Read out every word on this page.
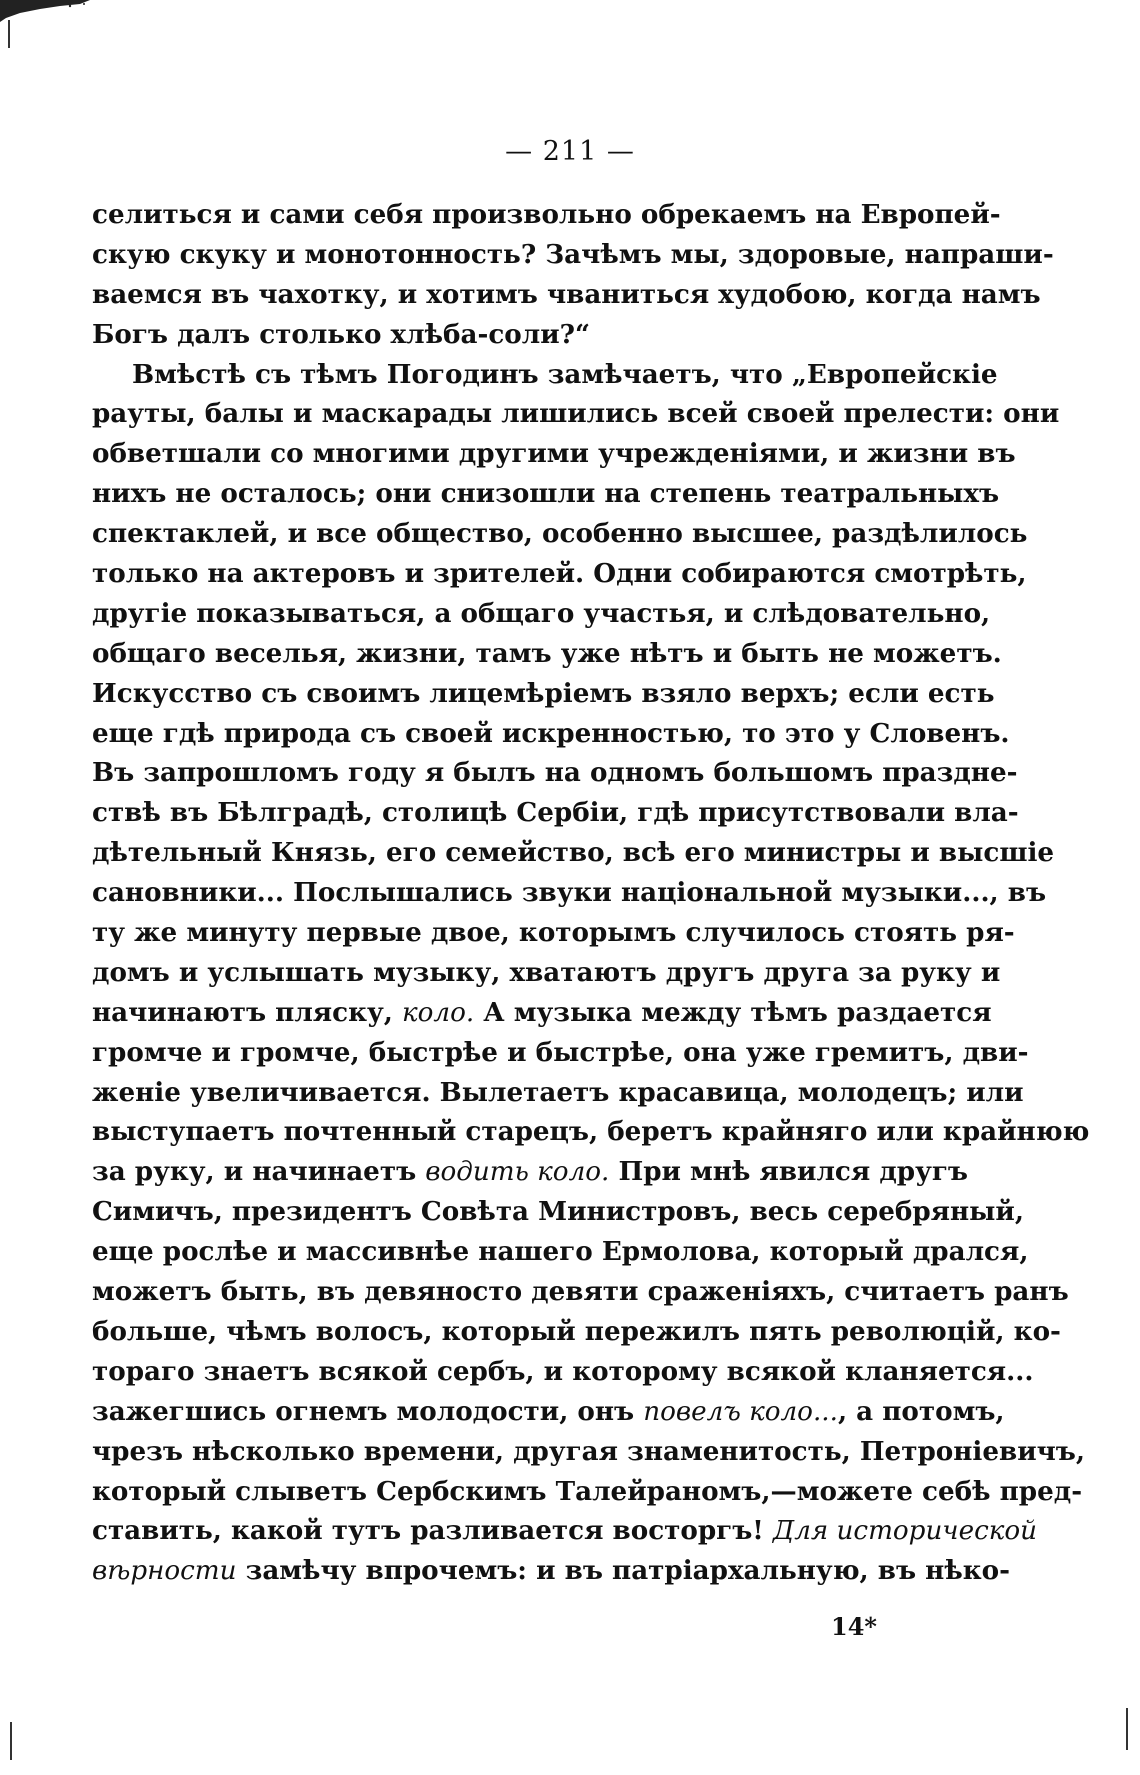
— 211 —
селиться и сами себя произвольно обрекаемъ на Европей-
скую скуку и монотонность? Зачѣмъ мы, здоровые, напраши-
ваемся въ чахотку, и хотимъ чваниться худобою, когда намъ
Богъ далъ столько хлѣба-соли?“
Вмѣстѣ съ тѣмъ Погодинъ замѣчаетъ, что „Европейскіе
рауты, балы и маскарады лишились всей своей прелести: они
обветшали со многими другими учрежденіями, и жизни въ
нихъ не осталось; они снизошли на степень театральныхъ
спектаклей, и все общество, особенно высшее, раздѣлилось
только на актеровъ и зрителей. Одни собираются смотрѣть,
другіе показываться, а общаго участья, и слѣдовательно,
общаго веселья, жизни, тамъ уже нѣтъ и быть не можетъ.
Искусство съ своимъ лицемѣріемъ взяло верхъ; если есть
еще гдѣ природа съ своей искренностью, то это у Словенъ.
Въ запрошломъ году я былъ на одномъ большомъ праздне-
ствѣ въ Бѣлградѣ, столицѣ Сербіи, гдѣ присутствовали вла-
дѣтельный Князь, его семейство, всѣ его министры и высшіе
сановники... Послышались звуки національной музыки..., въ
ту же минуту первые двое, которымъ случилось стоять ря-
домъ и услышать музыку, хватаютъ другъ друга за руку и
начинаютъ пляску, коло. А музыка между тѣмъ раздается
громче и громче, быстрѣе и быстрѣе, она уже гремитъ, дви-
женіе увеличивается. Вылетаетъ красавица, молодецъ; или
выступаетъ почтенный старецъ, беретъ крайняго или крайнюю
за руку, и начинаетъ водить коло. При мнѣ явился другъ
Симичъ, президентъ Совѣта Министровъ, весь серебряный,
еще рослѣе и массивнѣе нашего Ермолова, который дрался,
можетъ быть, въ девяносто девяти сраженіяхъ, считаетъ ранъ
больше, чѣмъ волосъ, который пережилъ пять революцій, ко-
тораго знаетъ всякой сербъ, и которому всякой кланяется...
зажегшись огнемъ молодости, онъ повелъ коло..., а потомъ,
чрезъ нѣсколько времени, другая знаменитость, Петроніевичъ,
который слыветъ Сербскимъ Талейраномъ,—можете себѣ пред-
ставить, какой тутъ разливается восторгъ! Для исторической
вѣрности замѣчу впрочемъ: и въ патріархальную, въ нѣко-
14*
